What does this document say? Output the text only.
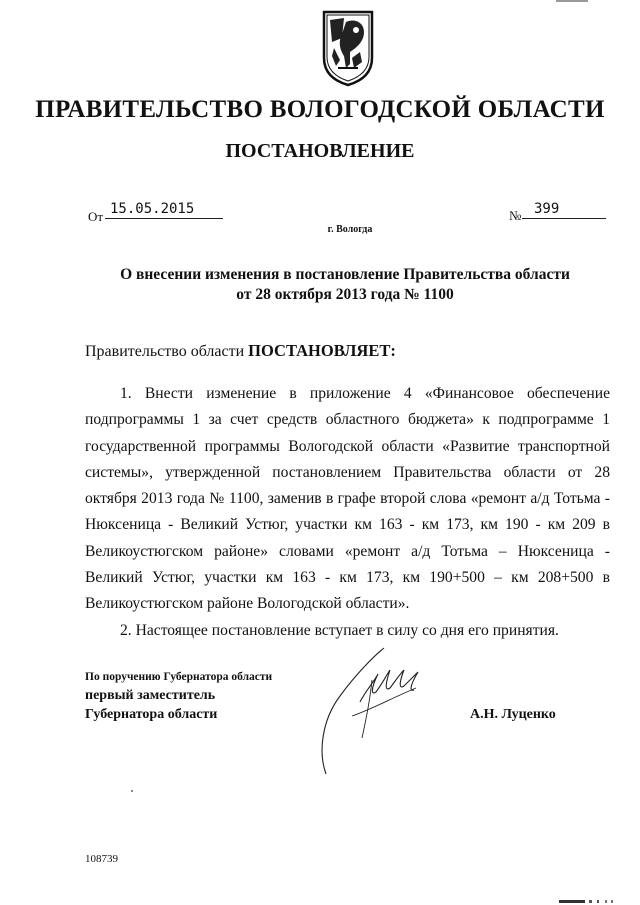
ПРАВИТЕЛЬСТВО ВОЛОГОДСКОЙ ОБЛАСТИ
ПОСТАНОВЛЕНИЕ
От 15.05.2015	№ 399
г. Вологда
О внесении изменения в постановление Правительства области
от 28 октября 2013 года № 1100
Правительство области ПОСТАНОВЛЯЕТ:

1. Внести изменение в приложение 4 «Финансовое обеспечение подпрограммы 1 за счет средств областного бюджета» к подпрограмме 1 государственной программы Вологодской области «Развитие транспортной системы», утвержденной постановлением Правительства области от 28 октября 2013 года № 1100, заменив в графе второй слова «ремонт а/д Тотьма - Нюксеница - Великий Устюг, участки км 163 - км 173, км 190 - км 209 в Великоустюгском районе» словами «ремонт а/д Тотьма – Нюксеница - Великий Устюг, участки км 163 - км 173, км 190+500 – км 208+500 в Великоустюгском районе Вологодской области».

2. Настоящее постановление вступает в силу со дня его принятия.

По поручению Губернатора области
первый заместитель
Губернатора области	А.Н. Луценко
108739
